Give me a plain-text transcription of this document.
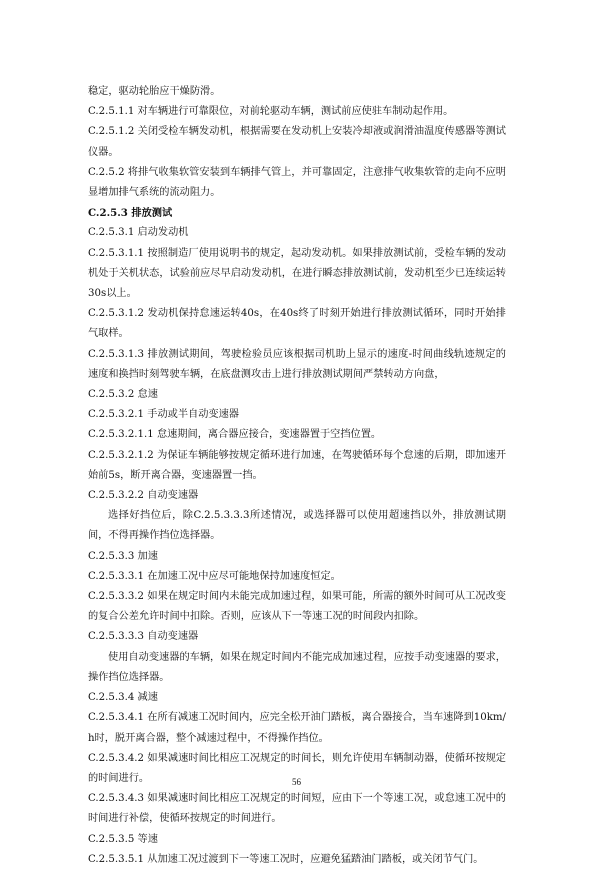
稳定，驱动轮胎应干燥防滑。

C.2.5.1.1 对车辆进行可靠限位，对前轮驱动车辆，测试前应使驻车制动起作用。

C.2.5.1.2 关闭受检车辆发动机，根据需要在发动机上安装冷却液或润滑油温度传感器等测试仪器。

C.2.5.2 将排气收集软管安装到车辆排气管上，并可靠固定，注意排气收集软管的走向不应明显增加排气系统的流动阻力。

C.2.5.3 排放测试

C.2.5.3.1 启动发动机

C.2.5.3.1.1 按照制造厂使用说明书的规定，起动发动机。如果排放测试前，受检车辆的发动机处于关机状态，试验前应尽早启动发动机，在进行瞬态排放测试前，发动机至少已连续运转30s以上。

C.2.5.3.1.2 发动机保持怠速运转40s，在40s终了时刻开始进行排放测试循环，同时开始排气取样。

C.2.5.3.1.3 排放测试期间，驾驶检验员应该根据司机助上显示的速度-时间曲线轨迹规定的速度和换挡时刻驾驶车辆，在底盘测攻击上进行排放测试期间严禁转动方向盘，

C.2.5.3.2 怠速

C.2.5.3.2.1 手动或半自动变速器

C.2.5.3.2.1.1 怠速期间，离合器应接合，变速器置于空挡位置。

C.2.5.3.2.1.2 为保证车辆能够按规定循环进行加速，在驾驶循环每个怠速的后期，即加速开始前5s，断开离合器，变速器置一挡。

C.2.5.3.2.2 自动变速器

选择好挡位后，除C.2.5.3.3.3所述情况，或选择器可以使用超速挡以外，排放测试期间，不得再操作挡位选择器。

C.2.5.3.3 加速

C.2.5.3.3.1 在加速工况中应尽可能地保持加速度恒定。

C.2.5.3.3.2 如果在规定时间内未能完成加速过程，如果可能，所需的额外时间可从工况改变的复合公差允许时间中扣除。否则，应该从下一等速工况的时间段内扣除。

C.2.5.3.3.3 自动变速器

使用自动变速器的车辆，如果在规定时间内不能完成加速过程，应按手动变速器的要求，操作挡位选择器。

C.2.5.3.4 减速

C.2.5.3.4.1 在所有减速工况时间内，应完全松开油门踏板，离合器接合，当车速降到10km/h时，脱开离合器，整个减速过程中，不得操作挡位。

C.2.5.3.4.2 如果减速时间比相应工况规定的时间长，则允许使用车辆制动器，使循环按规定的时间进行。

C.2.5.3.4.3 如果减速时间比相应工况规定的时间短，应由下一个等速工况，或怠速工况中的时间进行补偿，使循环按规定的时间进行。

C.2.5.3.5 等速

C.2.5.3.5.1 从加速工况过渡到下一等速工况时，应避免猛踏油门踏板，或关闭节气门。

56
